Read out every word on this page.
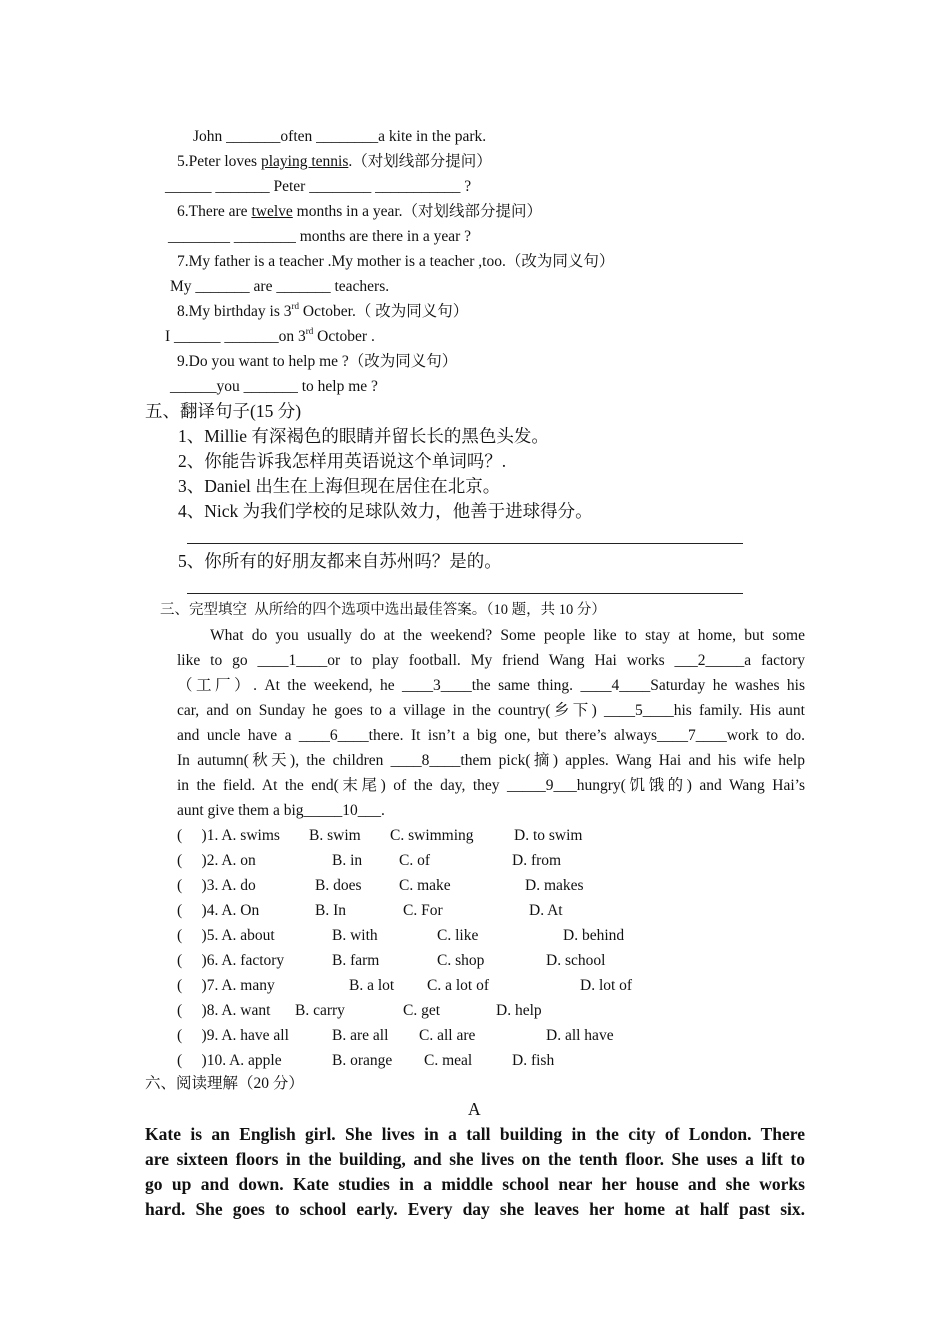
John _______often ________a kite in the park.
5.Peter loves playing tennis.（对划线部分提问）
______ _______ Peter ________ ___________ ?
6.There are twelve months in a year.（对划线部分提问）
________ ________ months are there in a year ?
7.My father is a teacher .My mother is a teacher ,too.（改为同义句）
My _______ are _______ teachers.
8.My birthday is 3rd October.（ 改为同义句）
I ______ _______on 3rd October .
9.Do you want to help me ?（改为同义句）
______you _______ to help me ?
五、翻译句子(15 分)
1、Millie 有深褐色的眼睛并留长长的黑色头发。
2、你能告诉我怎样用英语说这个单词吗？.
3、Daniel 出生在上海但现在居住在北京。
4、Nick 为我们学校的足球队效力，他善于进球得分。
5、你所有的好朋友都来自苏州吗？是的。
三、完型填空  从所给的四个选项中选出最佳答案。（10 题，共 10 分）
What do you usually do at the weekend? Some people like to stay at home, but some
like to go ____1____or to play football. My friend Wang Hai works ___2_____a factory
（工厂）. At the weekend, he ____3____the same thing. ____4____Saturday he washes his
car, and on Sunday he goes to a village in the country(乡下) ____5____his family. His aunt
and uncle have a ____6____there. It isn’t a big one, but there’s always____7____work to do.
In autumn(秋天), the children ____8____them pick(摘) apples. Wang Hai and his wife help
in the field. At the end(末尾) of the day, they _____9___hungry(饥饿的) and Wang Hai’s
aunt give them a big_____10___.
(     )1. A. swims B. swim C. swimming	D. to swim
(     )2. A. on	B. in C. of	D. from
(     )3. A. do	B. does C. make	D. makes
(     )4. A. On	B. In	C. For	D. At
(     )5. A. about	B. with	C. like	D. behind
(     )6. A. factory	B. farm	C. shop	D. school
(     )7. A. many	B. a lot C. a lot of	D. lot of
(     )8. A. want B. carry	C. get	D. help
(     )9. A. have all	B. are all C. all are	D. all have
(     )10. A. apple	B. orange C. meal	D. fish
六、阅读理解（20 分）
A
Kate is an English girl. She lives in a tall building in the city of London. There
are sixteen floors in the building, and she lives on the tenth floor. She uses a lift to
go up and down. Kate studies in a middle school near her house and she works
hard. She goes to school early. Every day she leaves her home at half past six.
